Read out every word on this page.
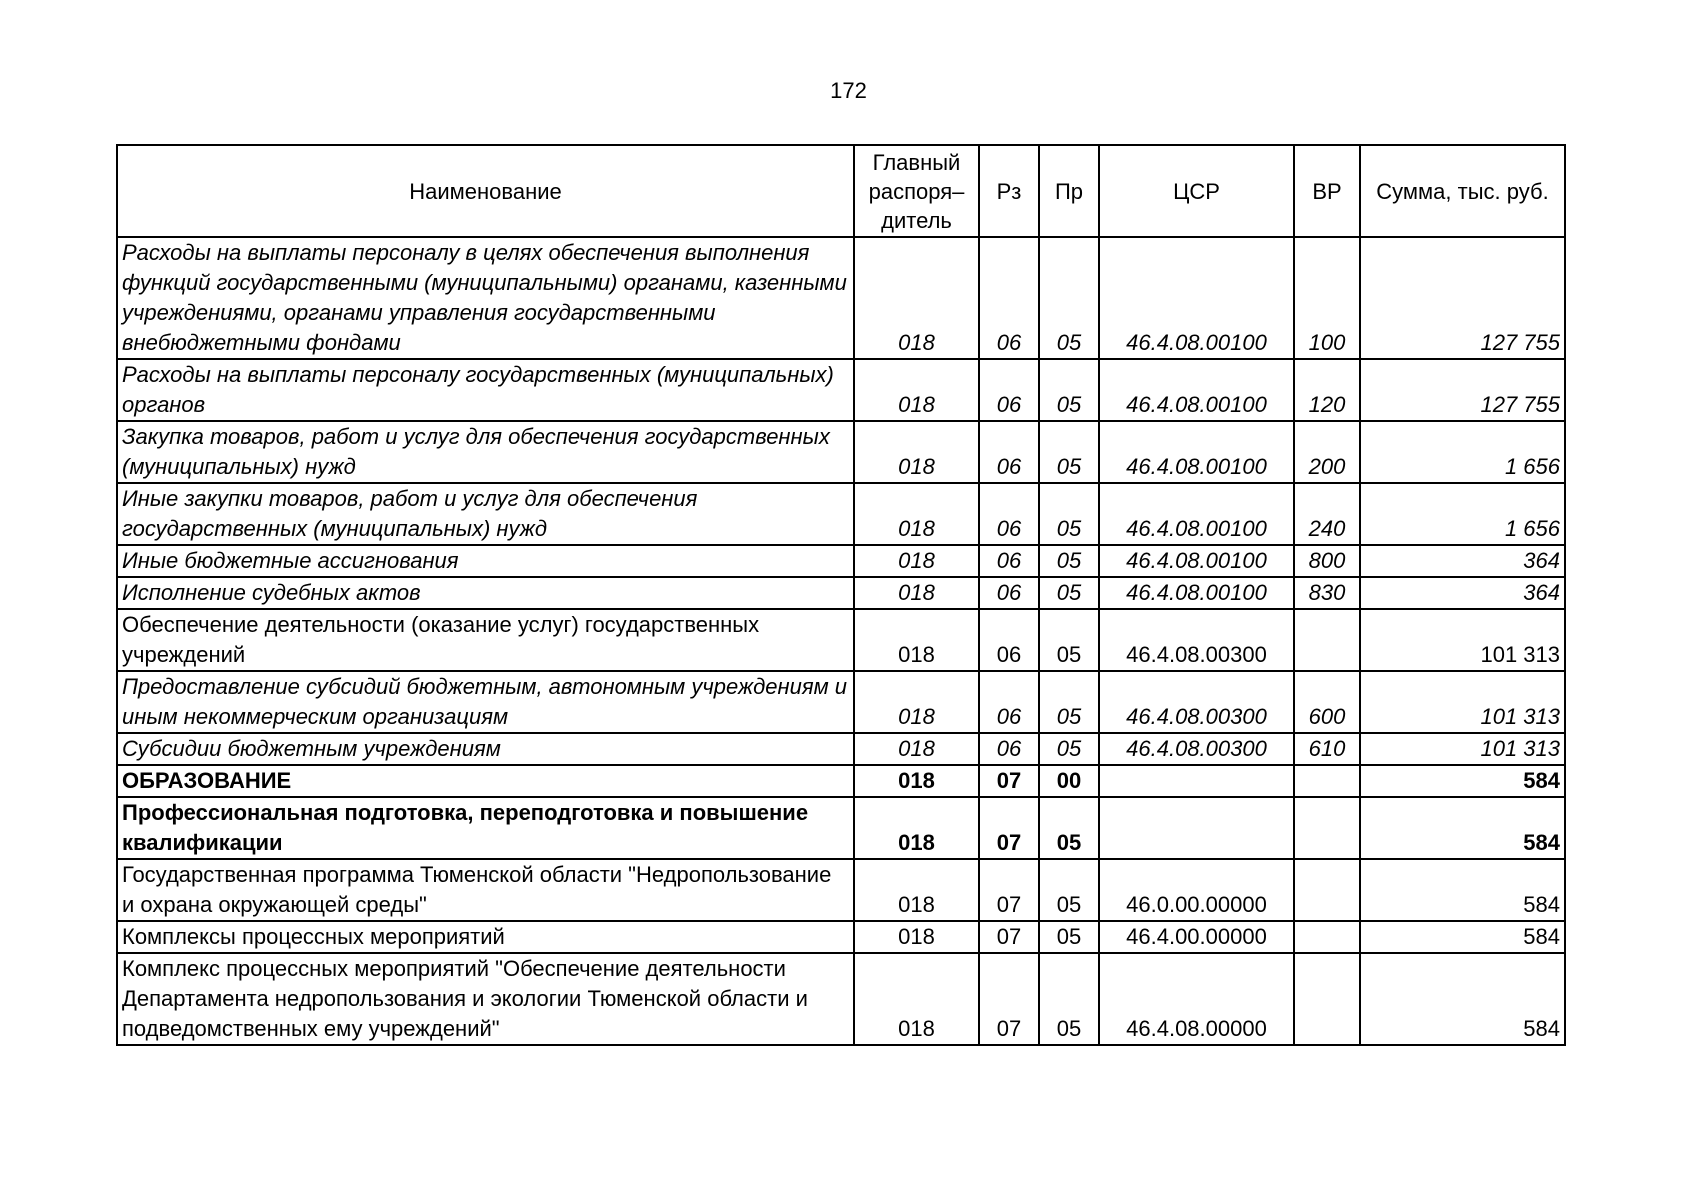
172
Наименование	Главный распоря–дитель	Рз	Пр	ЦСР	ВР	Сумма, тыс. руб.
Расходы на выплаты персоналу в целях обеспечения выполнения функций государственными (муниципальными) органами, казенными учреждениями, органами управления государственными внебюджетными фондами	018	06	05	46.4.08.00100	100	127 755
Расходы на выплаты персоналу государственных (муниципальных) органов	018	06	05	46.4.08.00100	120	127 755
Закупка товаров, работ и услуг для обеспечения государственных (муниципальных) нужд	018	06	05	46.4.08.00100	200	1 656
Иные закупки товаров, работ и услуг для обеспечения государственных (муниципальных) нужд	018	06	05	46.4.08.00100	240	1 656
Иные бюджетные ассигнования	018	06	05	46.4.08.00100	800	364
Исполнение судебных актов	018	06	05	46.4.08.00100	830	364
Обеспечение деятельности (оказание услуг) государственных учреждений	018	06	05	46.4.08.00300		101 313
Предоставление субсидий бюджетным, автономным учреждениям и иным некоммерческим организациям	018	06	05	46.4.08.00300	600	101 313
Субсидии бюджетным учреждениям	018	06	05	46.4.08.00300	610	101 313
ОБРАЗОВАНИЕ	018	07	00			584
Профессиональная подготовка, переподготовка и повышение квалификации	018	07	05			584
Государственная программа Тюменской области "Недропользование и охрана окружающей среды"	018	07	05	46.0.00.00000		584
Комплексы процессных мероприятий	018	07	05	46.4.00.00000		584
Комплекс процессных мероприятий "Обеспечение деятельности Департамента недропользования и экологии Тюменской области и подведомственных ему учреждений"	018	07	05	46.4.08.00000		584
